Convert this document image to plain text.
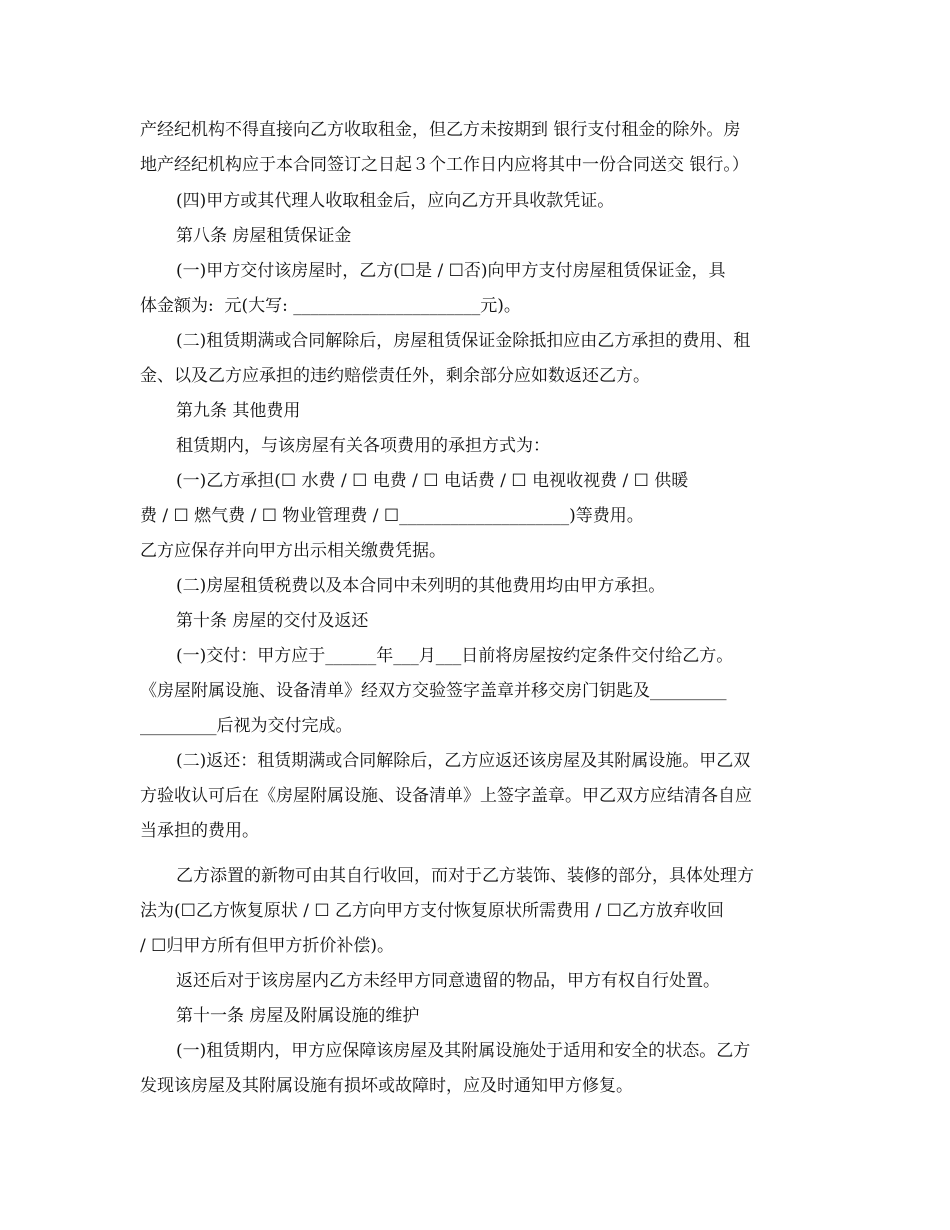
产经纪机构不得直接向乙方收取租金，但乙方未按期到 银行支付租金的除外。房
地产经纪机构应于本合同签订之日起３个工作日内应将其中一份合同送交 银行。）
(四)甲方或其代理人收取租金后，应向乙方开具收款凭证。
第八条 房屋租赁保证金
(一)甲方交付该房屋时，乙方(☐是 / ☐否)向甲方支付房屋租赁保证金，具
体金额为:  元(大写: ______________________元)。
(二)租赁期满或合同解除后，房屋租赁保证金除抵扣应由乙方承担的费用、租
金、以及乙方应承担的违约赔偿责任外，剩余部分应如数返还乙方。
第九条 其他费用
租赁期内，与该房屋有关各项费用的承担方式为：
(一)乙方承担(☐ 水费 / ☐ 电费 / ☐ 电话费 / ☐ 电视收视费 / ☐ 供暖
费 / ☐ 燃气费 / ☐ 物业管理费 / ☐____________________)等费用。
乙方应保存并向甲方出示相关缴费凭据。
(二)房屋租赁税费以及本合同中未列明的其他费用均由甲方承担。
第十条 房屋的交付及返还
(一)交付：甲方应于______年___月___日前将房屋按约定条件交付给乙方。
《房屋附属设施、设备清单》经双方交验签字盖章并移交房门钥匙及_________
_________后视为交付完成。
(二)返还：租赁期满或合同解除后，乙方应返还该房屋及其附属设施。甲乙双
方验收认可后在《房屋附属设施、设备清单》上签字盖章。甲乙双方应结清各自应
当承担的费用。
乙方添置的新物可由其自行收回，而对于乙方装饰、装修的部分，具体处理方
法为(☐乙方恢复原状 / ☐ 乙方向甲方支付恢复原状所需费用 / ☐乙方放弃收回
/ ☐归甲方所有但甲方折价补偿)。
返还后对于该房屋内乙方未经甲方同意遗留的物品，甲方有权自行处置。
第十一条 房屋及附属设施的维护
(一)租赁期内，甲方应保障该房屋及其附属设施处于适用和安全的状态。乙方
发现该房屋及其附属设施有损坏或故障时，应及时通知甲方修复。
